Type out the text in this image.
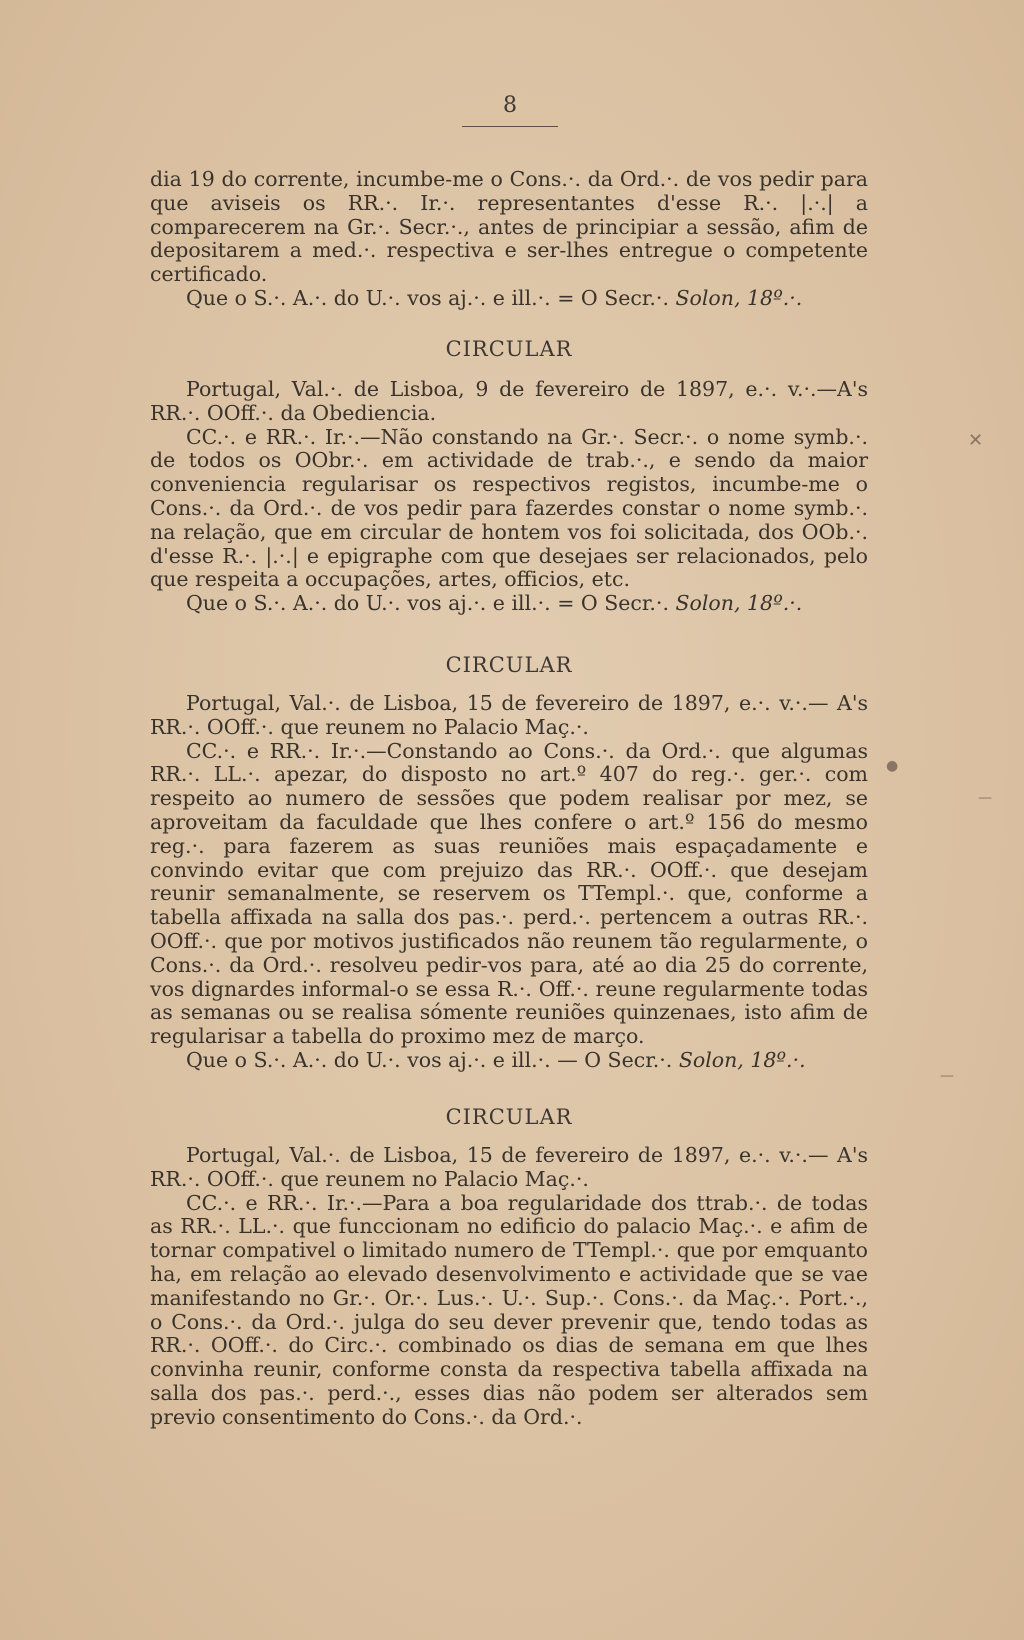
8

dia 19 do corrente, incumbe-me o Cons.·. da Ord.·. de vos pedir para que aviseis os RR.·. Ir.·. representantes d'esse R.·. |.·.| a comparecerem na Gr.·. Secr.·., antes de principiar a sessão, afim de depositarem a med.·. respectiva e ser-lhes entregue o competente certificado.

Que o S.·. A.·. do U.·. vos aj.·. e ill.·. = O Secr.·. Solon, 18º.·.

CIRCULAR

Portugal, Val.·. de Lisboa, 9 de fevereiro de 1897, e.·. v.·.—A's RR.·. OOff.·. da Obediencia.

CC.·. e RR.·. Ir.·.—Não constando na Gr.·. Secr.·. o nome symb.·. de todos os OObr.·. em actividade de trab.·., e sendo da maior conveniencia regularisar os respectivos registos, incumbe-me o Cons.·. da Ord.·. de vos pedir para fazerdes constar o nome symb.·. na relação, que em circular de hontem vos foi solicitada, dos OOb.·. d'esse R.·. |.·.| e epigraphe com que desejaes ser relacionados, pelo que respeita a occupações, artes, officios, etc.

Que o S.·. A.·. do U.·. vos aj.·. e ill.·. = O Secr.·. Solon, 18º.·.

CIRCULAR

Portugal, Val.·. de Lisboa, 15 de fevereiro de 1897, e.·. v.·.— A's RR.·. OOff.·. que reunem no Palacio Maç.·.

CC.·. e RR.·. Ir.·.—Constando ao Cons.·. da Ord.·. que algumas RR.·. LL.·. apezar, do disposto no art.º 407 do reg.·. ger.·. com respeito ao numero de sessões que podem realisar por mez, se aproveitam da faculdade que lhes confere o art.º 156 do mesmo reg.·. para fazerem as suas reuniões mais espaçadamente e convindo evitar que com prejuizo das RR.·. OOff.·. que desejam reunir semanalmente, se reservem os TTempl.·. que, conforme a tabella affixada na salla dos pas.·. perd.·. pertencem a outras RR.·. OOff.·. que por motivos justificados não reunem tão regularmente, o Cons.·. da Ord.·. resolveu pedir-vos para, até ao dia 25 do corrente, vos dignardes informal-o se essa R.·. Off.·. reune regularmente todas as semanas ou se realisa sómente reuniões quinzenaes, isto afim de regularisar a tabella do proximo mez de março.

Que o S.·. A.·. do U.·. vos aj.·. e ill.·. — O Secr.·. Solon, 18º.·.

CIRCULAR

Portugal, Val.·. de Lisboa, 15 de fevereiro de 1897, e.·. v.·.— A's RR.·. OOff.·. que reunem no Palacio Maç.·.

CC.·. e RR.·. Ir.·.—Para a boa regularidade dos ttrab.·. de todas as RR.·. LL.·. que funccionam no edificio do palacio Maç.·. e afim de tornar compativel o limitado numero de TTempl.·. que por emquanto ha, em relação ao elevado desenvolvimento e actividade que se vae manifestando no Gr.·. Or.·. Lus.·. U.·. Sup.·. Cons.·. da Maç.·. Port.·., o Cons.·. da Ord.·. julga do seu dever prevenir que, tendo todas as RR.·. OOff.·. do Circ.·. combinado os dias de semana em que lhes convinha reunir, conforme consta da respectiva tabella affixada na salla dos pas.·. perd.·., esses dias não podem ser alterados sem previo consentimento do Cons.·. da Ord.·.

✕
●
—
—
